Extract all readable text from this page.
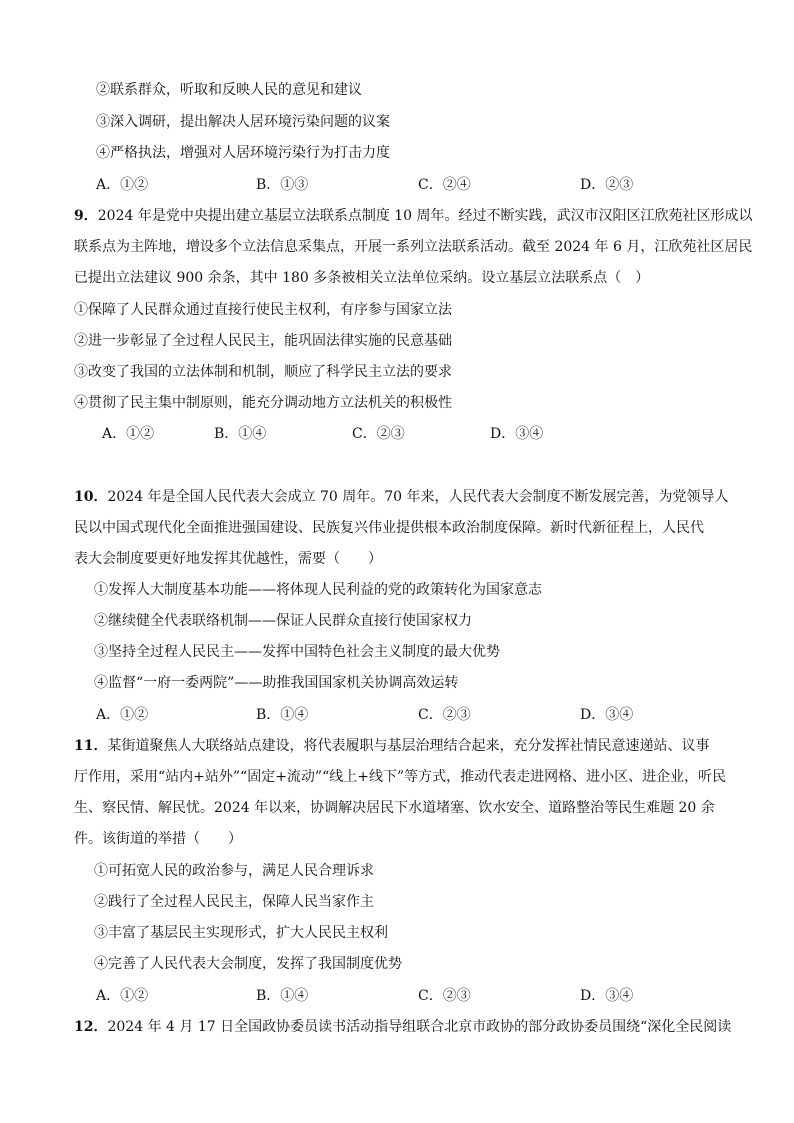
②联系群众，听取和反映人民的意见和建议
③深入调研，提出解决人居环境污染问题的议案
④严格执法，增强对人居环境污染行为打击力度
A．①②	B．①③	C．②④	D．②③
9．2024 年是党中央提出建立基层立法联系点制度 10 周年。经过不断实践，武汉市汉阳区江欣苑社区形成以
联系点为主阵地，增设多个立法信息采集点，开展一系列立法联系活动。截至 2024 年 6 月，江欣苑社区居民
已提出立法建议 900 余条，其中 180 多条被相关立法单位采纳。设立基层立法联系点（　）
①保障了人民群众通过直接行使民主权利，有序参与国家立法
②进一步彰显了全过程人民民主，能巩固法律实施的民意基础
③改变了我国的立法体制和机制，顺应了科学民主立法的要求
④贯彻了民主集中制原则，能充分调动地方立法机关的积极性
A．①②	B．①④	C．②③	D．③④
10．2024 年是全国人民代表大会成立 70 周年。70 年来，人民代表大会制度不断发展完善，为党领导人
民以中国式现代化全面推进强国建设、民族复兴伟业提供根本政治制度保障。新时代新征程上，人民代
表大会制度要更好地发挥其优越性，需要（　　）
①发挥人大制度基本功能——将体现人民利益的党的政策转化为国家意志
②继续健全代表联络机制——保证人民群众直接行使国家权力
③坚持全过程人民民主——发挥中国特色社会主义制度的最大优势
④监督“一府一委两院”——助推我国国家机关协调高效运转
A．①②	B．①④	C．②③	D．③④
11．某街道聚焦人大联络站点建设，将代表履职与基层治理结合起来，充分发挥社情民意速递站、议事
厅作用，采用“站内+站外”“固定+流动”“线上+线下”等方式，推动代表走进网格、进小区、进企业，听民
生、察民情、解民忧。2024 年以来，协调解决居民下水道堵塞、饮水安全、道路整治等民生难题 20 余
件。该街道的举措（　　）
①可拓宽人民的政治参与，满足人民合理诉求
②践行了全过程人民民主，保障人民当家作主
③丰富了基层民主实现形式，扩大人民民主权利
④完善了人民代表大会制度，发挥了我国制度优势
A．①②	B．①④	C．②③	D．③④
12．2024 年 4 月 17 日全国政协委员读书活动指导组联合北京市政协的部分政协委员围绕“深化全民阅读
